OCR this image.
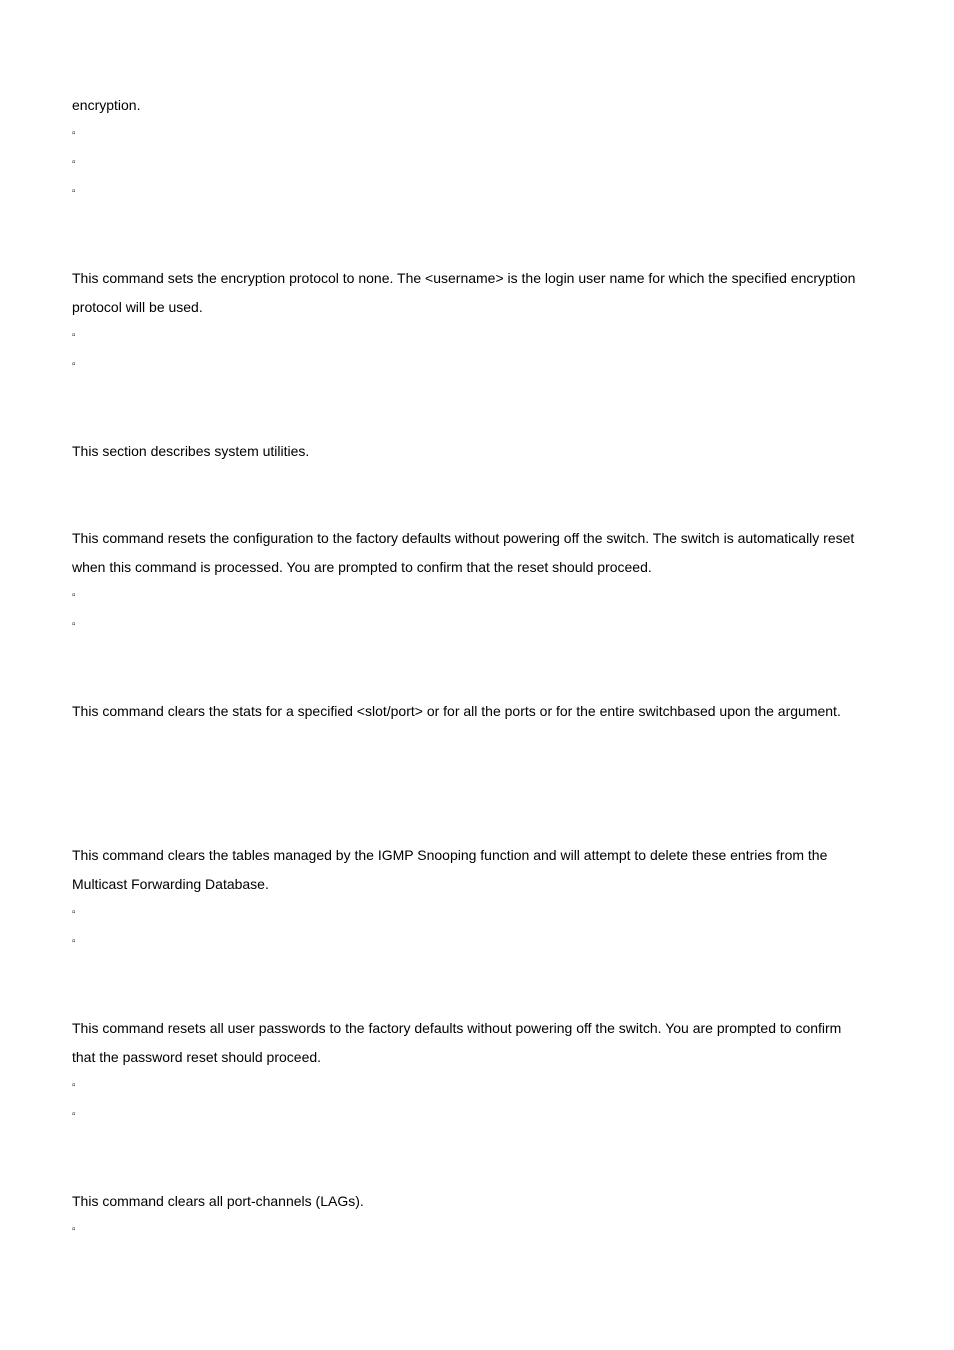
encryption.
▫
▫
▫
This command sets the encryption protocol to none. The <username> is the login user name for which the specified encryption
protocol will be used.
▫
▫
This section describes system utilities.
This command resets the configuration to the factory defaults without powering off the switch. The switch is automatically reset
when this command is processed. You are prompted to confirm that the reset should proceed.
▫
▫
This command clears the stats for a specified <slot/port> or for all the ports or for the entire switchbased upon the argument.
This command clears the tables managed by the IGMP Snooping function and will attempt to delete these entries from the
Multicast Forwarding Database.
▫
▫
This command resets all user passwords to the factory defaults without powering off the switch. You are prompted to confirm
that the password reset should proceed.
▫
▫
This command clears all port-channels (LAGs).
▫
